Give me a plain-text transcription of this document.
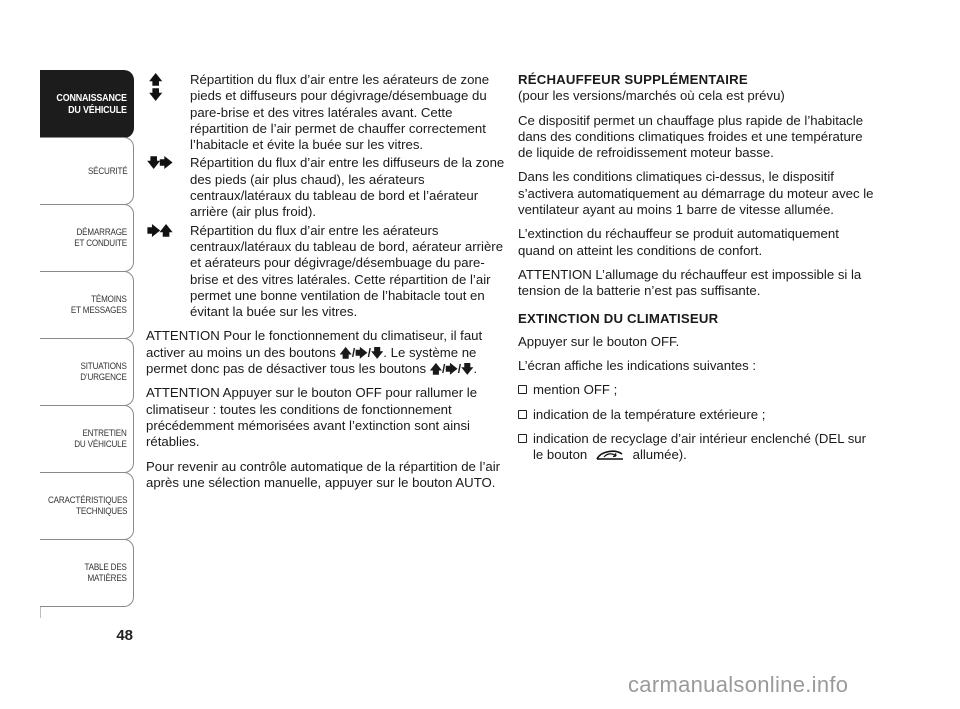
CONNAISSANCE
DU VÉHICULE
SÉCURITÉ
DÉMARRAGE
ET CONDUITE
TÉMOINS
ET MESSAGES
SITUATIONS
D’URGENCE
ENTRETIEN
DU VÉHICULE
CARACTÉRISTIQUES
TECHNIQUES
TABLE DES
MATIÈRES
48
🡅
🡇
Répartition du flux d’air entre les aérateurs de zone pieds et diffuseurs pour dégivrage/désembuage du pare-brise et des vitres latérales avant. Cette répartition de l’air permet de chauffer correctement l’habitacle et évite la buée sur les vitres.
🡇🡆 Répartition du flux d’air entre les diffuseurs de la zone des pieds (air plus chaud), les aérateurs centraux/latéraux du tableau de bord et l’aérateur arrière (air plus froid).
🡆🡅 Répartition du flux d’air entre les aérateurs centraux/latéraux du tableau de bord, aérateur arrière et aérateurs pour dégivrage/désembuage du pare-brise et des vitres latérales. Cette répartition de l’air permet une bonne ventilation de l’habitacle tout en évitant la buée sur les vitres.

ATTENTION Pour le fonctionnement du climatiseur, il faut activer au moins un des boutons 🡅/🡆/🡇. Le système ne permet donc pas de désactiver tous les boutons 🡅/🡆/🡇.

ATTENTION Appuyer sur le bouton OFF pour rallumer le climatiseur : toutes les conditions de fonctionnement précédemment mémorisées avant l’extinction sont ainsi rétablies.

Pour revenir au contrôle automatique de la répartition de l’air après une sélection manuelle, appuyer sur le bouton AUTO.

RÉCHAUFFEUR SUPPLÉMENTAIRE

(pour les versions/marchés où cela est prévu)

Ce dispositif permet un chauffage plus rapide de l’habitacle dans des conditions climatiques froides et une température de liquide de refroidissement moteur basse.

Dans les conditions climatiques ci-dessus, le dispositif s’activera automatiquement au démarrage du moteur avec le ventilateur ayant au moins 1 barre de vitesse allumée.

L’extinction du réchauffeur se produit automatiquement quand on atteint les conditions de confort.

ATTENTION L’allumage du réchauffeur est impossible si la tension de la batterie n’est pas suffisante.

EXTINCTION DU CLIMATISEUR

Appuyer sur le bouton OFF.

L’écran affiche les indications suivantes :

mention OFF ;
indication de la température extérieure ;
indication de recyclage d’air intérieur enclenché (DEL sur le bouton	allumée).
carmanualsonline.info
